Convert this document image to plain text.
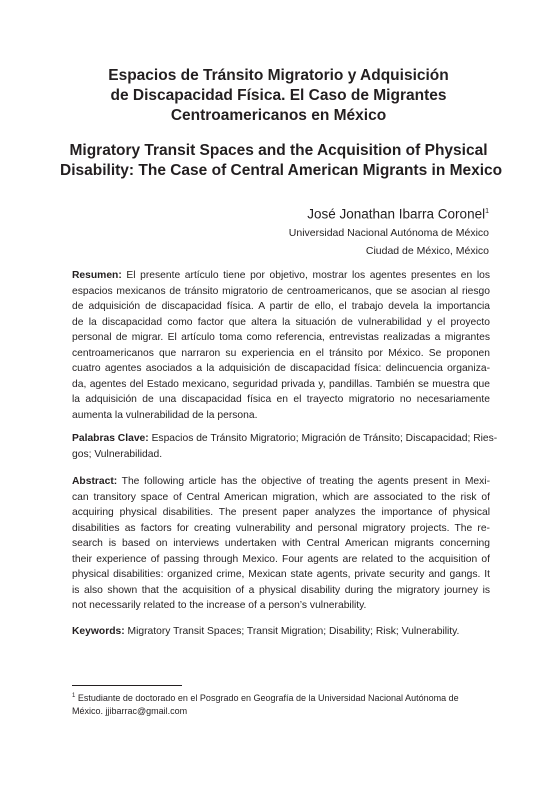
Espacios de Tránsito Migratorio y Adquisición
de Discapacidad Física. El Caso de Migrantes
Centroamericanos en México
Migratory Transit Spaces and the Acquisition of Physical
Disability: The Case of Central American Migrants in Mexico
José Jonathan Ibarra Coronel$^1$
Universidad Nacional Autónoma de México
Ciudad de México, México
Resumen: El presente artículo tiene por objetivo, mostrar los agentes presentes en los
espacios mexicanos de tránsito migratorio de centroamericanos, que se asocian al riesgo
de adquisición de discapacidad física. A partir de ello, el trabajo devela la importancia
de la discapacidad como factor que altera la situación de vulnerabilidad y el proyecto
personal de migrar. El artículo toma como referencia, entrevistas realizadas a migrantes
centroamericanos que narraron su experiencia en el tránsito por México. Se proponen
cuatro agentes asociados a la adquisición de discapacidad física: delincuencia organiza-
da, agentes del Estado mexicano, seguridad privada y, pandillas. También se muestra que
la adquisición de una discapacidad física en el trayecto migratorio no necesariamente
aumenta la vulnerabilidad de la persona.
Palabras Clave: Espacios de Tránsito Migratorio; Migración de Tránsito; Discapacidad; Ries-
gos; Vulnerabilidad.
Abstract: The following article has the objective of treating the agents present in Mexi-
can transitory space of Central American migration, which are associated to the risk of
acquiring physical disabilities. The present paper analyzes the importance of physical
disabilities as factors for creating vulnerability and personal migratory projects. The re-
search is based on interviews undertaken with Central American migrants concerning
their experience of passing through Mexico. Four agents are related to the acquisition of
physical disabilities: organized crime, Mexican state agents, private security and gangs. It
is also shown that the acquisition of a physical disability during the migratory journey is
not necessarily related to the increase of a person’s vulnerability.
Keywords: Migratory Transit Spaces; Transit Migration; Disability; Risk; Vulnerability.
$^1$ Estudiante de doctorado en el Posgrado en Geografía de la Universidad Nacional Autónoma de
México. jjibarrac@gmail.com
